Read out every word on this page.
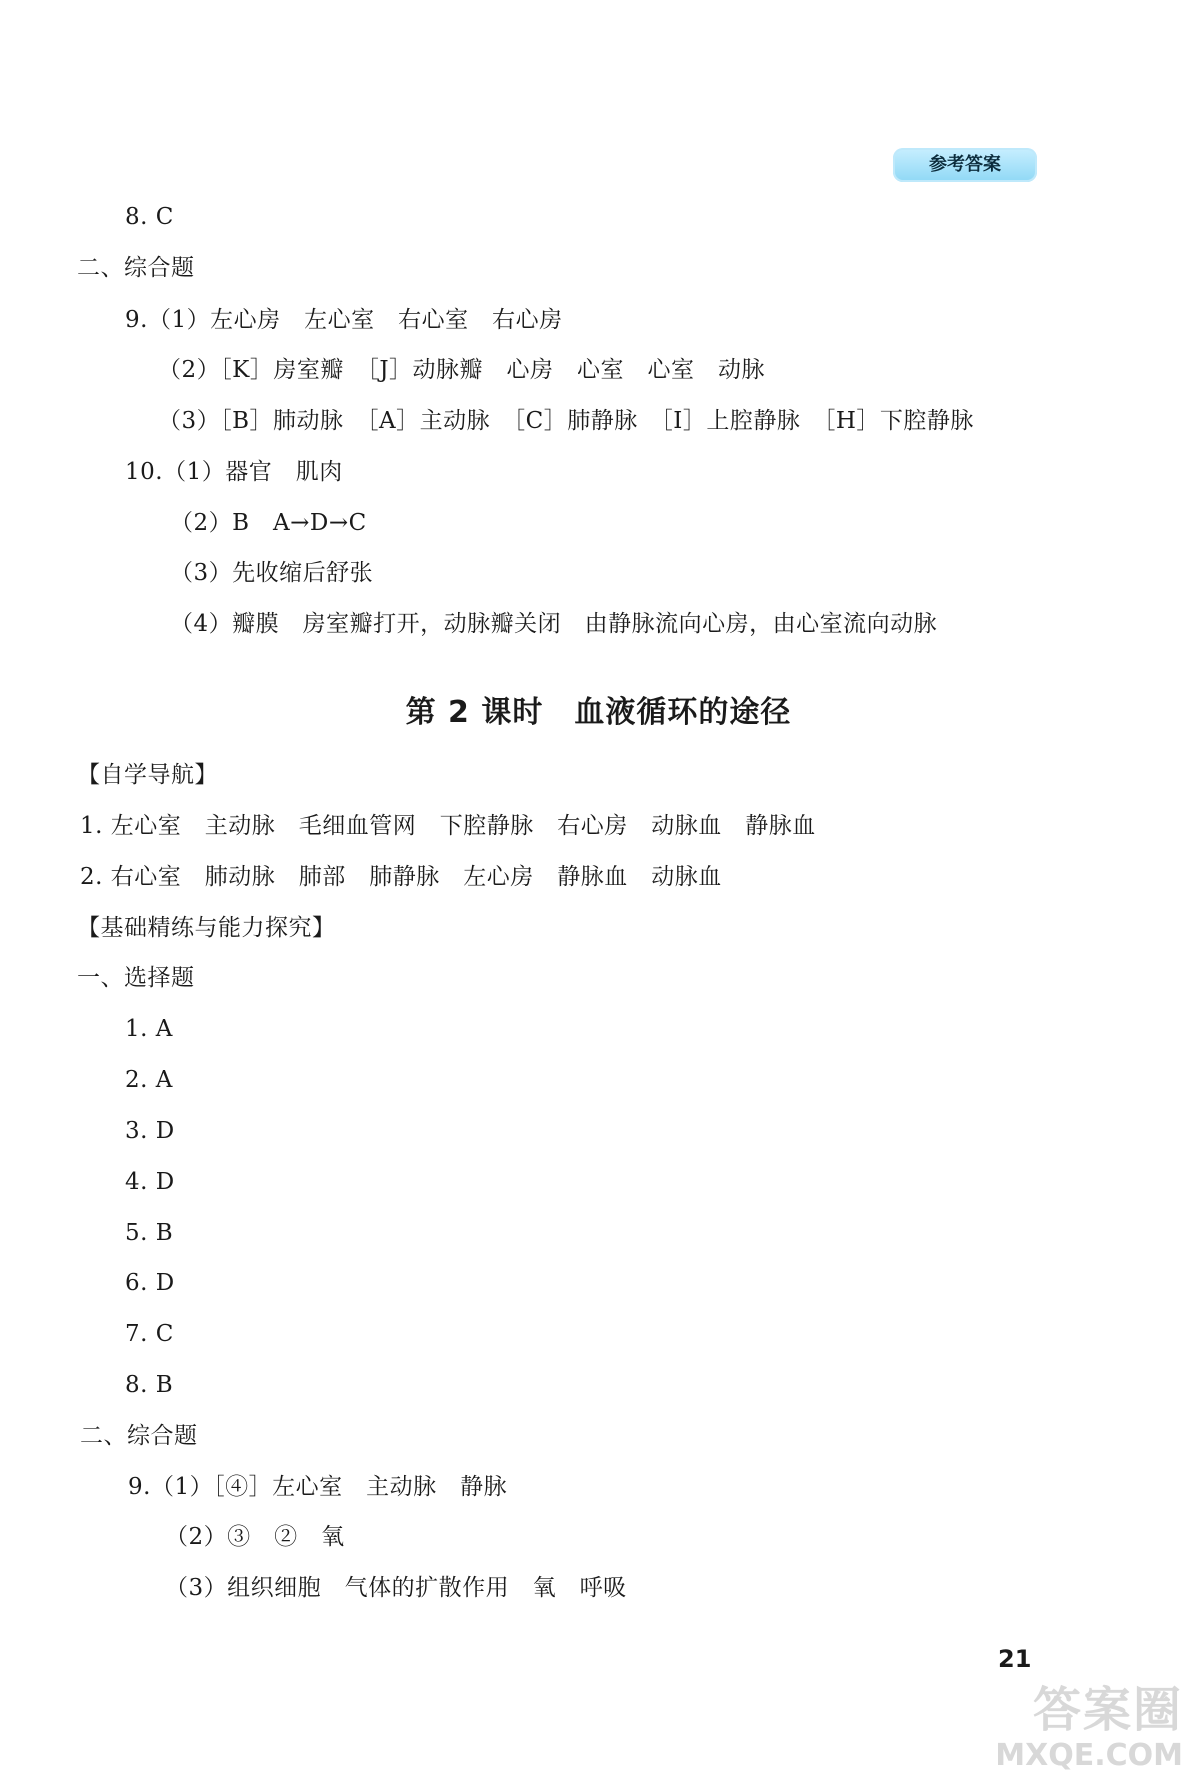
参考答案
8. C
二、综合题
9.（1）左心房　左心室　右心室　右心房
（2）［K］房室瓣　［J］动脉瓣　心房　心室　心室　动脉
（3）［B］肺动脉　［A］主动脉　［C］肺静脉　［I］上腔静脉　［H］下腔静脉
10.（1）器官　肌肉
（2）B　A→D→C
（3）先收缩后舒张
（4）瓣膜　房室瓣打开，动脉瓣关闭　由静脉流向心房，由心室流向动脉
第 2 课时　血液循环的途径
【自学导航】
1. 左心室　主动脉　毛细血管网　下腔静脉　右心房　动脉血　静脉血
2. 右心室　肺动脉　肺部　肺静脉　左心房　静脉血　动脉血
【基础精练与能力探究】
一、选择题
1. A
2. A
3. D
4. D
5. B
6. D
7. C
8. B
二、综合题
9.（1）［④］左心室　主动脉　静脉
（2）③　②　氧
（3）组织细胞　气体的扩散作用　氧　呼吸
21
答案圈
MXQE.COM
